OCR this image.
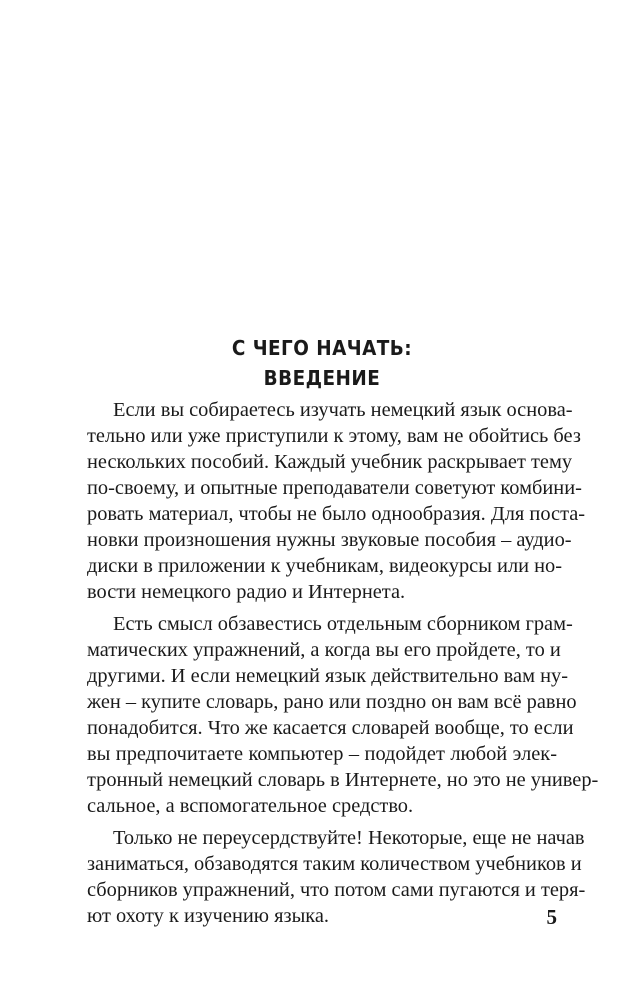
С ЧЕГО НАЧАТЬ:
ВВЕДЕНИЕ
Если вы собираетесь изучать немецкий язык основа-
тельно или уже приступили к этому, вам не обойтись без
нескольких пособий. Каждый учебник раскрывает тему
по-своему, и опытные преподаватели советуют комбини-
ровать материал, чтобы не было однообразия. Для поста-
новки произношения нужны звуковые пособия – аудио-
диски в приложении к учебникам, видеокурсы или но-
вости немецкого радио и Интернета.
Есть смысл обзавестись отдельным сборником грам-
матических упражнений, а когда вы его пройдете, то и
другими. И если немецкий язык действительно вам ну-
жен – купите словарь, рано или поздно он вам всё равно
понадобится. Что же касается словарей вообще, то если
вы предпочитаете компьютер – подойдет любой элек-
тронный немецкий словарь в Интернете, но это не универ-
сальное, а вспомогательное средство.
Только не переусердствуйте! Некоторые, еще не начав
заниматься, обзаводятся таким количеством учебников и
сборников упражнений, что потом сами пугаются и теря-
ют охоту к изучению языка.	5
